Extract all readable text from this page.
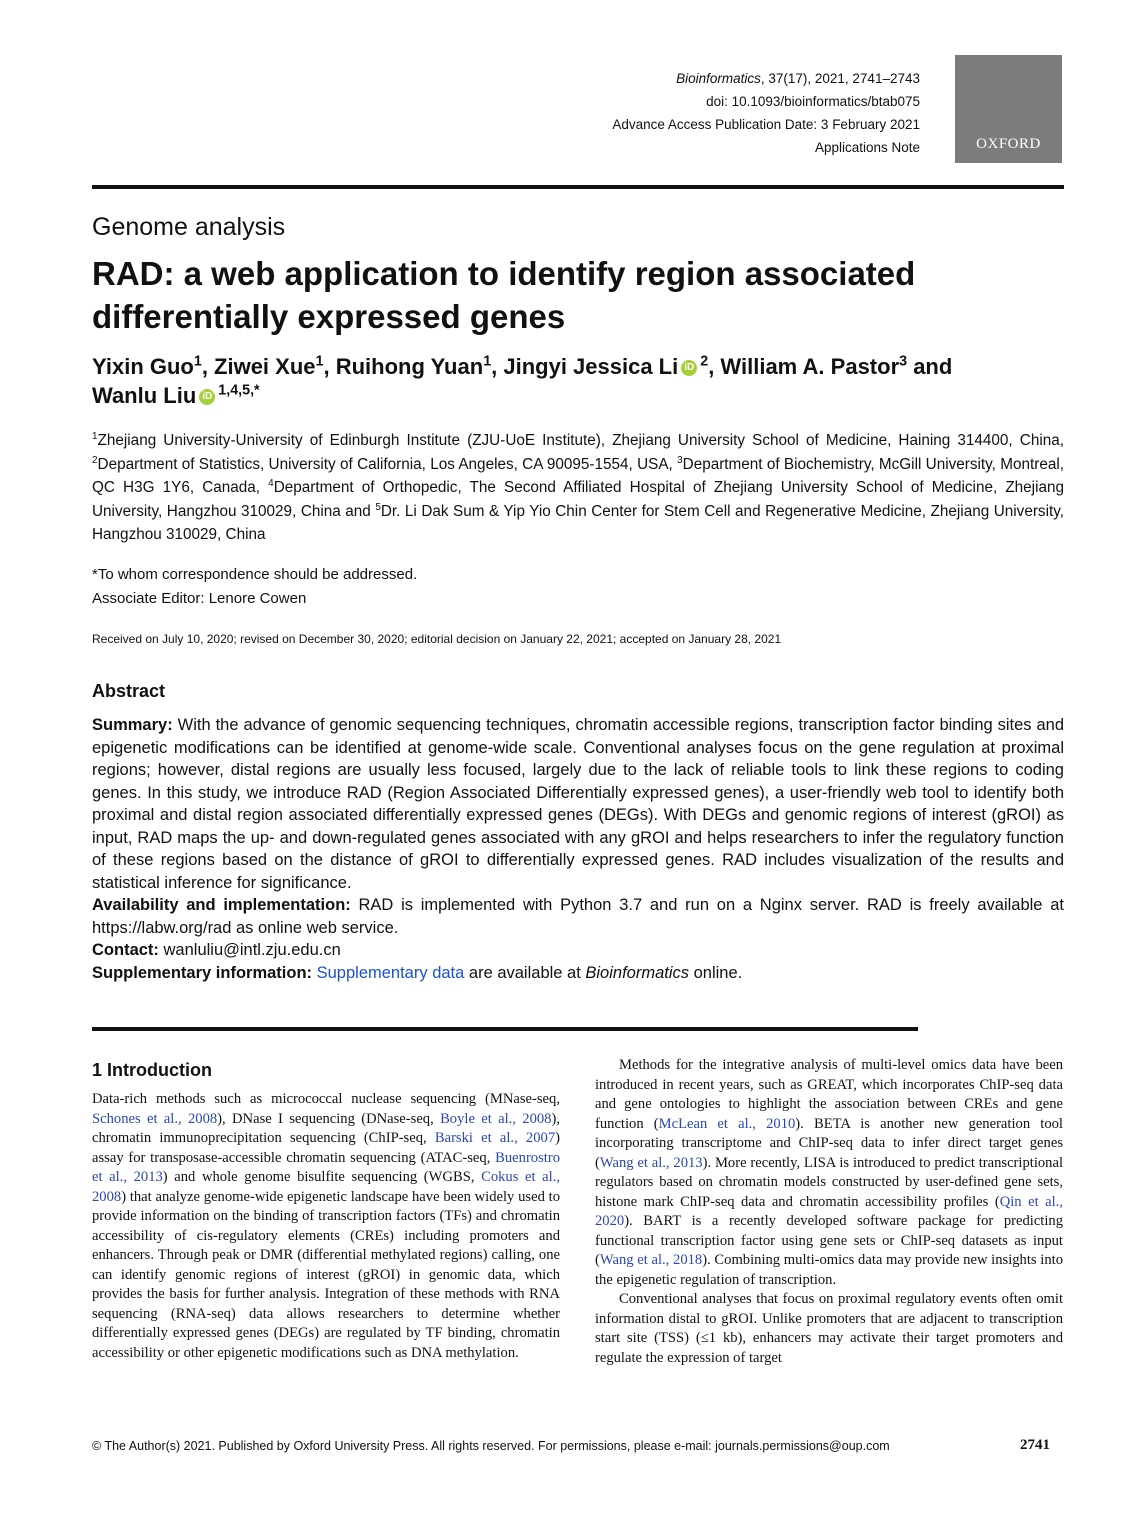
Bioinformatics, 37(17), 2021, 2741–2743
doi: 10.1093/bioinformatics/btab075
Advance Access Publication Date: 3 February 2021
Applications Note	OXFORD
Genome analysis
RAD: a web application to identify region associated
differentially expressed genes
Yixin Guo$^1$, Ziwei Xue$^1$, Ruihong Yuan$^1$, Jingyi Jessica Li iD $^2$, William A. Pastor$^3$ and
Wanlu Liu iD $^{1,4,5,*}$
$^1$Zhejiang University-University of Edinburgh Institute (ZJU-UoE Institute), Zhejiang University School of Medicine, Haining 314400, China, $^2$Department of Statistics, University of California, Los Angeles, CA 90095-1554, USA, $^3$Department of Biochemistry, McGill University, Montreal, QC H3G 1Y6, Canada, $^4$Department of Orthopedic, The Second Affiliated Hospital of Zhejiang University School of Medicine, Zhejiang University, Hangzhou 310029, China and $^5$Dr. Li Dak Sum & Yip Yio Chin Center for Stem Cell and Regenerative Medicine, Zhejiang University, Hangzhou 310029, China
*To whom correspondence should be addressed.
Associate Editor: Lenore Cowen
Received on July 10, 2020; revised on December 30, 2020; editorial decision on January 22, 2021; accepted on January 28, 2021
Abstract

Summary: With the advance of genomic sequencing techniques, chromatin accessible regions, transcription factor binding sites and epigenetic modifications can be identified at genome-wide scale. Conventional analyses focus on the gene regulation at proximal regions; however, distal regions are usually less focused, largely due to the lack of reliable tools to link these regions to coding genes. In this study, we introduce RAD (Region Associated Differentially expressed genes), a user-friendly web tool to identify both proximal and distal region associated differentially expressed genes (DEGs). With DEGs and genomic regions of interest (gROI) as input, RAD maps the up- and down-regulated genes associated with any gROI and helps researchers to infer the regulatory function of these regions based on the distance of gROI to differentially expressed genes. RAD includes visualization of the results and statistical inference for significance.

Availability and implementation: RAD is implemented with Python 3.7 and run on a Nginx server. RAD is freely available at https://labw.org/rad as online web service.

Contact: wanluliu@intl.zju.edu.cn

Supplementary information: Supplementary data are available at Bioinformatics online.

1 Introduction

Data-rich methods such as micrococcal nuclease sequencing (MNase-seq, Schones et al., 2008), DNase I sequencing (DNase-seq, Boyle et al., 2008), chromatin immunoprecipitation sequencing (ChIP-seq, Barski et al., 2007) assay for transposase-accessible chromatin sequencing (ATAC-seq, Buenrostro et al., 2013) and whole genome bisulfite sequencing (WGBS, Cokus et al., 2008) that analyze genome-wide epigenetic landscape have been widely used to provide information on the binding of transcription factors (TFs) and chromatin accessibility of cis-regulatory elements (CREs) including promoters and enhancers. Through peak or DMR (differential methylated regions) calling, one can identify genomic regions of interest (gROI) in genomic data, which provides the basis for further analysis. Integration of these methods with RNA sequencing (RNA-seq) data allows researchers to determine whether differentially expressed genes (DEGs) are regulated by TF binding, chromatin accessibility or other epigenetic modifications such as DNA methylation.

Methods for the integrative analysis of multi-level omics data have been introduced in recent years, such as GREAT, which incorporates ChIP-seq data and gene ontologies to highlight the association between CREs and gene function (McLean et al., 2010). BETA is another new generation tool incorporating transcriptome and ChIP-seq data to infer direct target genes (Wang et al., 2013). More recently, LISA is introduced to predict transcriptional regulators based on chromatin models constructed by user-defined gene sets, histone mark ChIP-seq data and chromatin accessibility profiles (Qin et al., 2020). BART is a recently developed software package for predicting functional transcription factor using gene sets or ChIP-seq datasets as input (Wang et al., 2018). Combining multi-omics data may provide new insights into the epigenetic regulation of transcription.

Conventional analyses that focus on proximal regulatory events often omit information distal to gROI. Unlike promoters that are adjacent to transcription start site (TSS) (≤1 kb), enhancers may activate their target promoters and regulate the expression of target

© The Author(s) 2021. Published by Oxford University Press. All rights reserved. For permissions, please e-mail: journals.permissions@oup.com	2741
